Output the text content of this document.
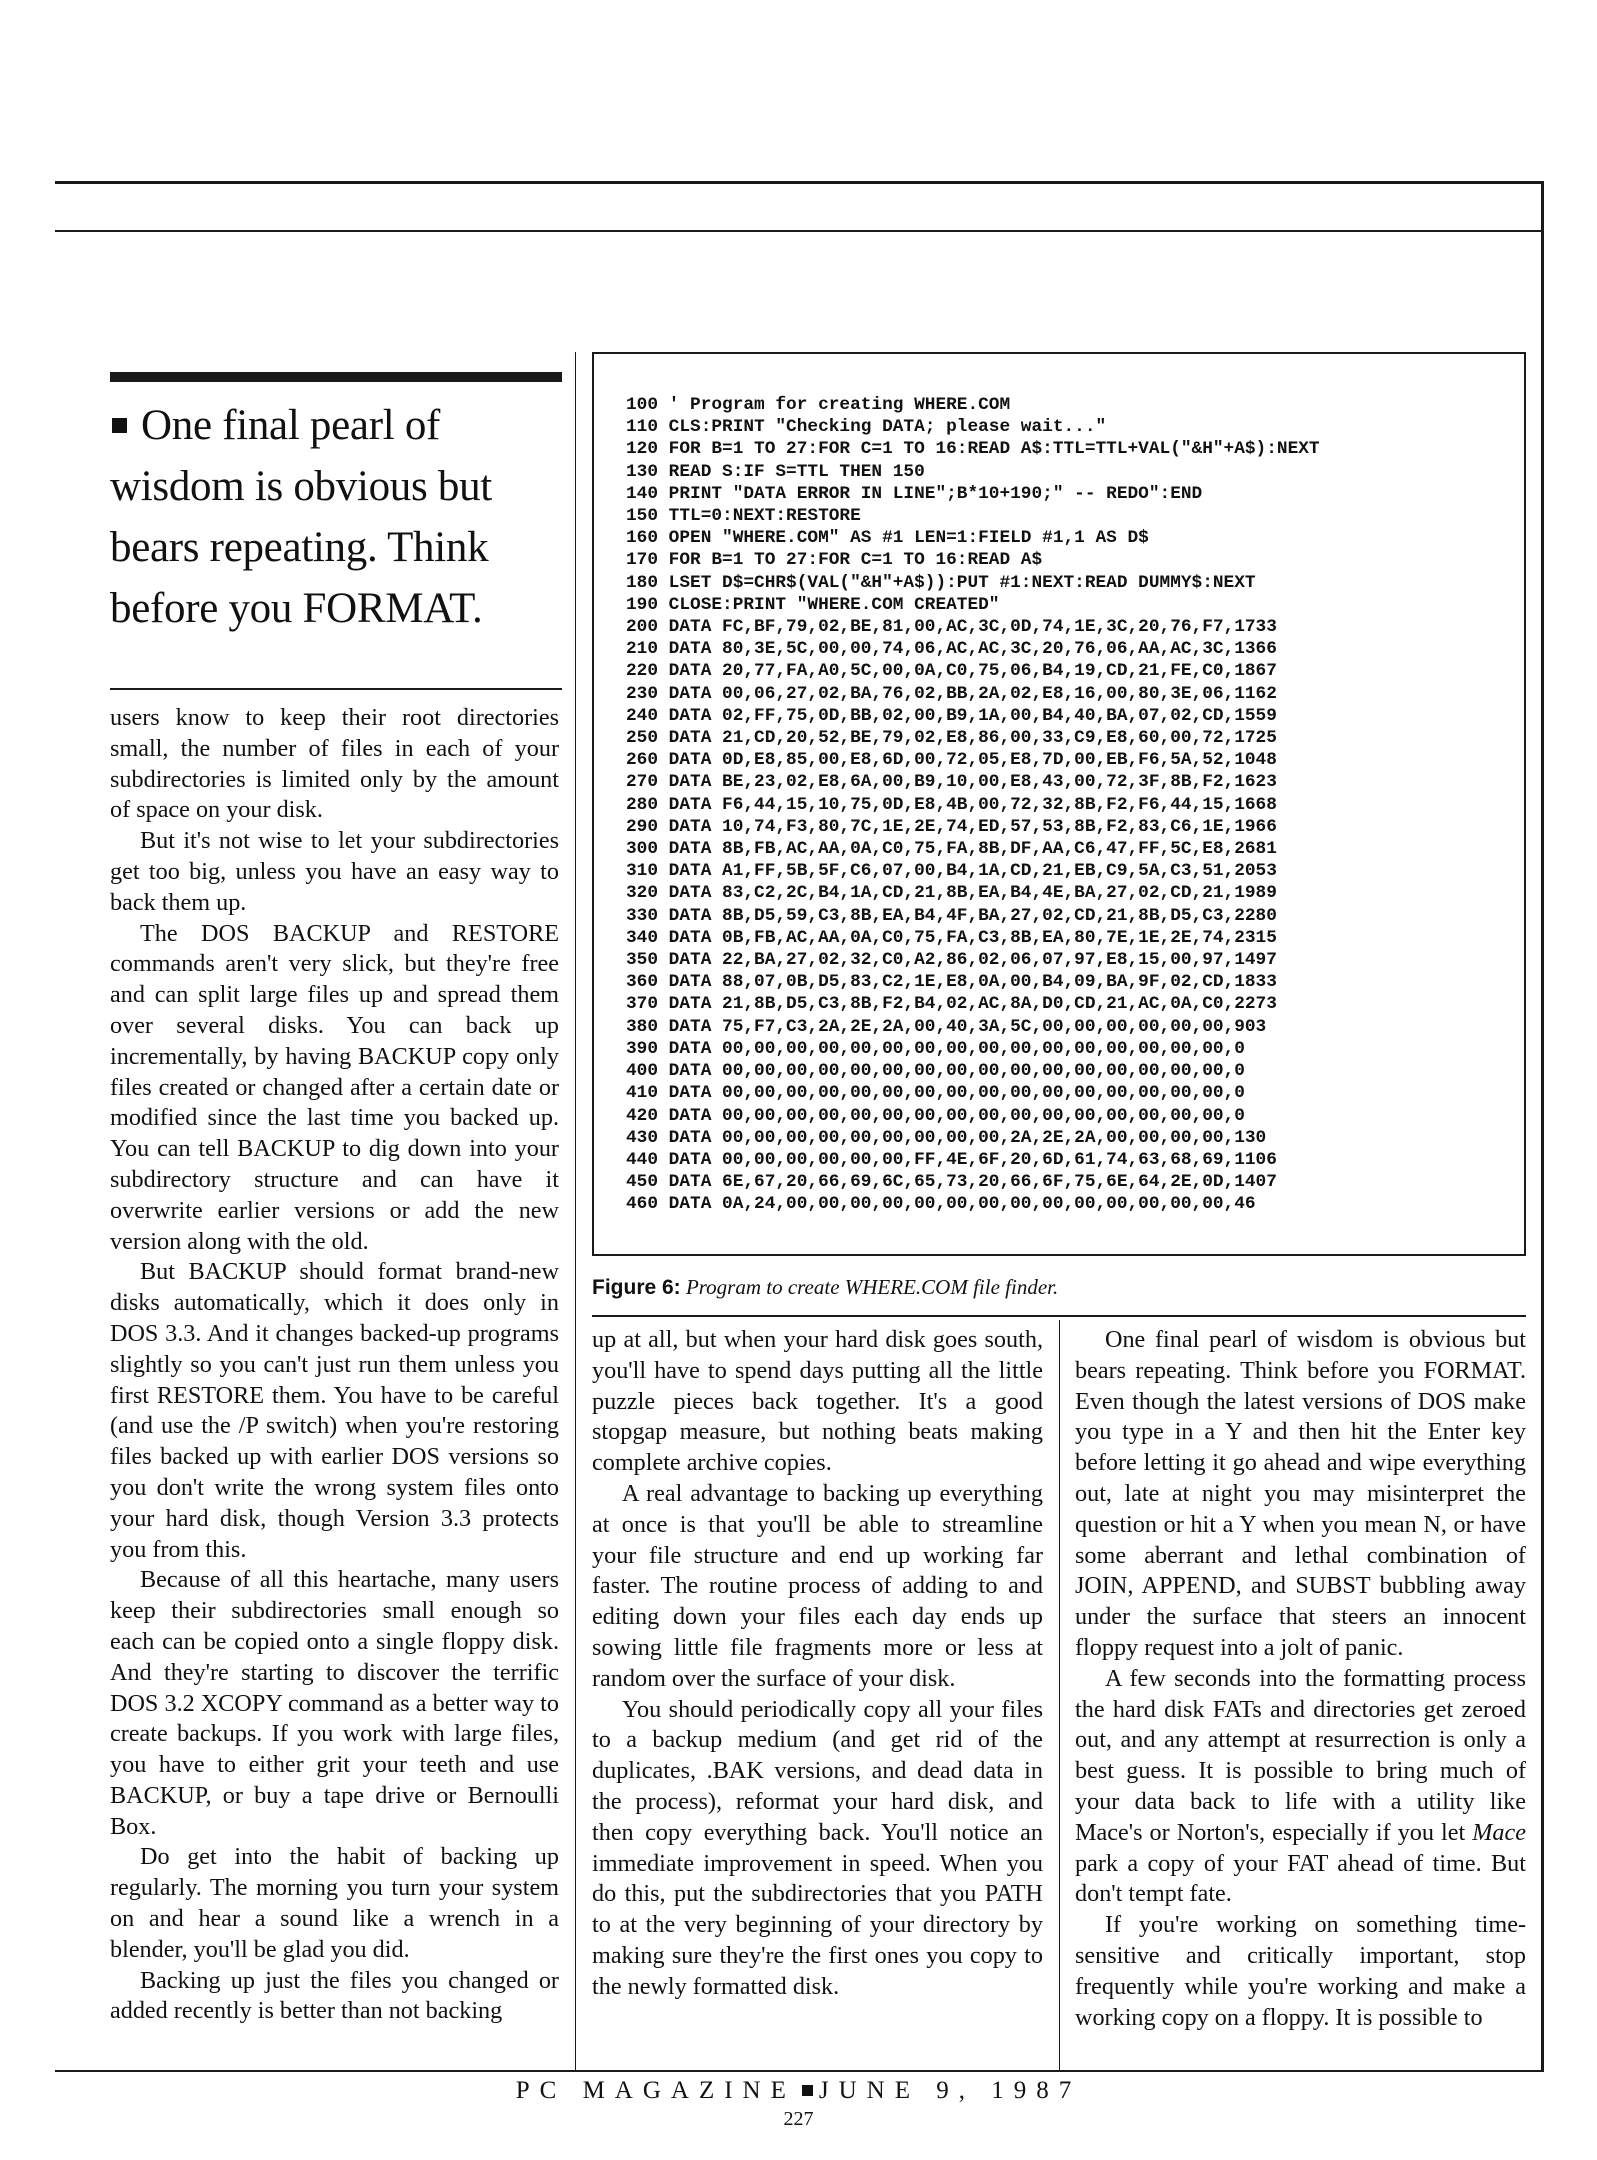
One final pearl of wisdom is obvious but bears repeating. Think before you FORMAT.

users know to keep their root directories small, the number of files in each of your subdirectories is limited only by the amount of space on your disk.

But it's not wise to let your subdirectories get too big, unless you have an easy way to back them up.

The DOS BACKUP and RESTORE commands aren't very slick, but they're free and can split large files up and spread them over several disks. You can back up incrementally, by having BACKUP copy only files created or changed after a certain date or modified since the last time you backed up. You can tell BACKUP to dig down into your subdirectory structure and can have it overwrite earlier versions or add the new version along with the old.

But BACKUP should format brand-new disks automatically, which it does only in DOS 3.3. And it changes backed-up programs slightly so you can't just run them unless you first RESTORE them. You have to be careful (and use the /P switch) when you're restoring files backed up with earlier DOS versions so you don't write the wrong system files onto your hard disk, though Version 3.3 protects you from this.

Because of all this heartache, many users keep their subdirectories small enough so each can be copied onto a single floppy disk. And they're starting to discover the terrific DOS 3.2 XCOPY command as a better way to create backups. If you work with large files, you have to either grit your teeth and use BACKUP, or buy a tape drive or Bernoulli Box.

Do get into the habit of backing up regularly. The morning you turn your system on and hear a sound like a wrench in a blender, you'll be glad you did.

Backing up just the files you changed or added recently is better than not backing

100 ' Program for creating WHERE.COM
110 CLS:PRINT "Checking DATA; please wait..."
120 FOR B=1 TO 27:FOR C=1 TO 16:READ A$:TTL=TTL+VAL("&H"+A$):NEXT
130 READ S:IF S=TTL THEN 150
140 PRINT "DATA ERROR IN LINE";B*10+190;" -- REDO":END
150 TTL=0:NEXT:RESTORE
160 OPEN "WHERE.COM" AS #1 LEN=1:FIELD #1,1 AS D$
170 FOR B=1 TO 27:FOR C=1 TO 16:READ A$
180 LSET D$=CHR$(VAL("&H"+A$)):PUT #1:NEXT:READ DUMMY$:NEXT
190 CLOSE:PRINT "WHERE.COM CREATED"
200 DATA FC,BF,79,02,BE,81,00,AC,3C,0D,74,1E,3C,20,76,F7,1733
210 DATA 80,3E,5C,00,00,74,06,AC,AC,3C,20,76,06,AA,AC,3C,1366
220 DATA 20,77,FA,A0,5C,00,0A,C0,75,06,B4,19,CD,21,FE,C0,1867
230 DATA 00,06,27,02,BA,76,02,BB,2A,02,E8,16,00,80,3E,06,1162
240 DATA 02,FF,75,0D,BB,02,00,B9,1A,00,B4,40,BA,07,02,CD,1559
250 DATA 21,CD,20,52,BE,79,02,E8,86,00,33,C9,E8,60,00,72,1725
260 DATA 0D,E8,85,00,E8,6D,00,72,05,E8,7D,00,EB,F6,5A,52,1048
270 DATA BE,23,02,E8,6A,00,B9,10,00,E8,43,00,72,3F,8B,F2,1623
280 DATA F6,44,15,10,75,0D,E8,4B,00,72,32,8B,F2,F6,44,15,1668
290 DATA 10,74,F3,80,7C,1E,2E,74,ED,57,53,8B,F2,83,C6,1E,1966
300 DATA 8B,FB,AC,AA,0A,C0,75,FA,8B,DF,AA,C6,47,FF,5C,E8,2681
310 DATA A1,FF,5B,5F,C6,07,00,B4,1A,CD,21,EB,C9,5A,C3,51,2053
320 DATA 83,C2,2C,B4,1A,CD,21,8B,EA,B4,4E,BA,27,02,CD,21,1989
330 DATA 8B,D5,59,C3,8B,EA,B4,4F,BA,27,02,CD,21,8B,D5,C3,2280
340 DATA 0B,FB,AC,AA,0A,C0,75,FA,C3,8B,EA,80,7E,1E,2E,74,2315
350 DATA 22,BA,27,02,32,C0,A2,86,02,06,07,97,E8,15,00,97,1497
360 DATA 88,07,0B,D5,83,C2,1E,E8,0A,00,B4,09,BA,9F,02,CD,1833
370 DATA 21,8B,D5,C3,8B,F2,B4,02,AC,8A,D0,CD,21,AC,0A,C0,2273
380 DATA 75,F7,C3,2A,2E,2A,00,40,3A,5C,00,00,00,00,00,00,903
390 DATA 00,00,00,00,00,00,00,00,00,00,00,00,00,00,00,00,0
400 DATA 00,00,00,00,00,00,00,00,00,00,00,00,00,00,00,00,0
410 DATA 00,00,00,00,00,00,00,00,00,00,00,00,00,00,00,00,0
420 DATA 00,00,00,00,00,00,00,00,00,00,00,00,00,00,00,00,0
430 DATA 00,00,00,00,00,00,00,00,00,2A,2E,2A,00,00,00,00,130
440 DATA 00,00,00,00,00,00,FF,4E,6F,20,6D,61,74,63,68,69,1106
450 DATA 6E,67,20,66,69,6C,65,73,20,66,6F,75,6E,64,2E,0D,1407
460 DATA 0A,24,00,00,00,00,00,00,00,00,00,00,00,00,00,00,46
Figure 6: Program to create WHERE.COM file finder.

up at all, but when your hard disk goes south, you'll have to spend days putting all the little puzzle pieces back together. It's a good stopgap measure, but nothing beats making complete archive copies.

A real advantage to backing up everything at once is that you'll be able to streamline your file structure and end up working far faster. The routine process of adding to and editing down your files each day ends up sowing little file fragments more or less at random over the surface of your disk.

You should periodically copy all your files to a backup medium (and get rid of the duplicates, .BAK versions, and dead data in the process), reformat your hard disk, and then copy everything back. You'll notice an immediate improvement in speed. When you do this, put the subdirectories that you PATH to at the very beginning of your directory by making sure they're the first ones you copy to the newly formatted disk.

One final pearl of wisdom is obvious but bears repeating. Think before you FORMAT. Even though the latest versions of DOS make you type in a Y and then hit the Enter key before letting it go ahead and wipe everything out, late at night you may misinterpret the question or hit a Y when you mean N, or have some aberrant and lethal combination of JOIN, APPEND, and SUBST bubbling away under the surface that steers an innocent floppy request into a jolt of panic.

A few seconds into the formatting process the hard disk FATs and directories get zeroed out, and any attempt at resurrection is only a best guess. It is possible to bring much of your data back to life with a utility like Mace's or Norton's, especially if you let Mace park a copy of your FAT ahead of time. But don't tempt fate.

If you're working on something time-sensitive and critically important, stop frequently while you're working and make a working copy on a floppy. It is possible to

PC MAGAZINE JUNE 9, 1987
227
